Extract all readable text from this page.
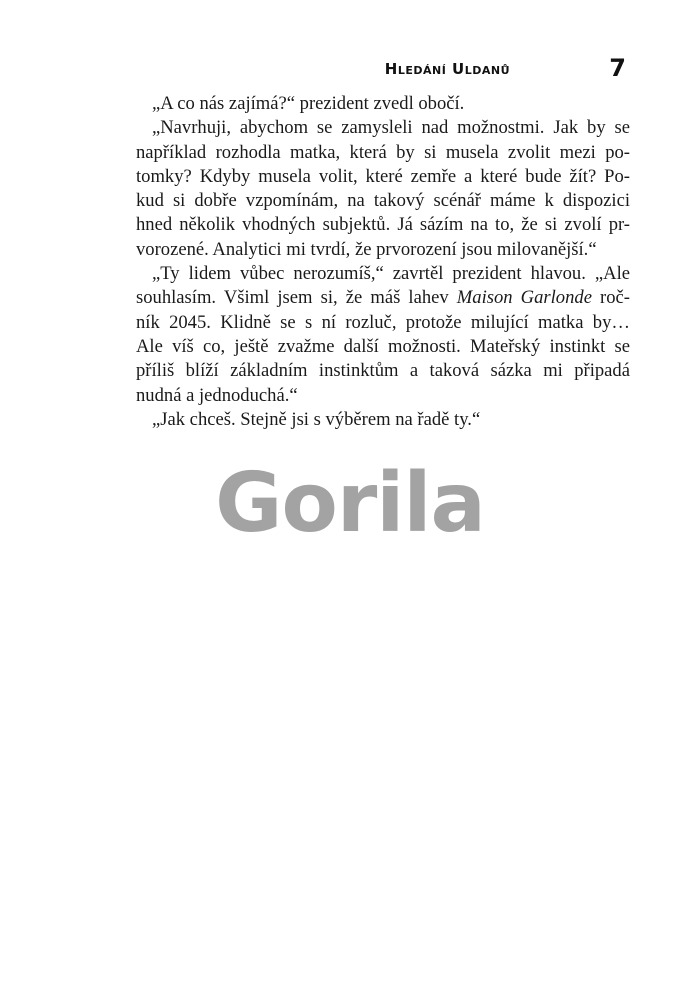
Hledání Uldanů	7
„A co nás zajímá?“ prezident zvedl obočí.
„Navrhuji, abychom se zamysleli nad možnostmi. Jak by se
například rozhodla matka, která by si musela zvolit mezi po-
tomky? Kdyby musela volit, které zemře a které bude žít? Po-
kud si dobře vzpomínám, na takový scénář máme k dispozici
hned několik vhodných subjektů. Já sázím na to, že si zvolí pr-
vorozené. Analytici mi tvrdí, že prvorození jsou milovanější.“
„Ty lidem vůbec nerozumíš,“ zavrtěl prezident hlavou. „Ale
souhlasím. Všiml jsem si, že máš lahev Maison Garlonde roč-
ník 2045. Klidně se s ní rozluč, protože milující matka by…
Ale víš co, ještě zvažme další možnosti. Mateřský instinkt se
příliš blíží základním instinktům a taková sázka mi připadá
nudná a jednoduchá.“
„Jak chceš. Stejně jsi s výběrem na řadě ty.“
Gorila
